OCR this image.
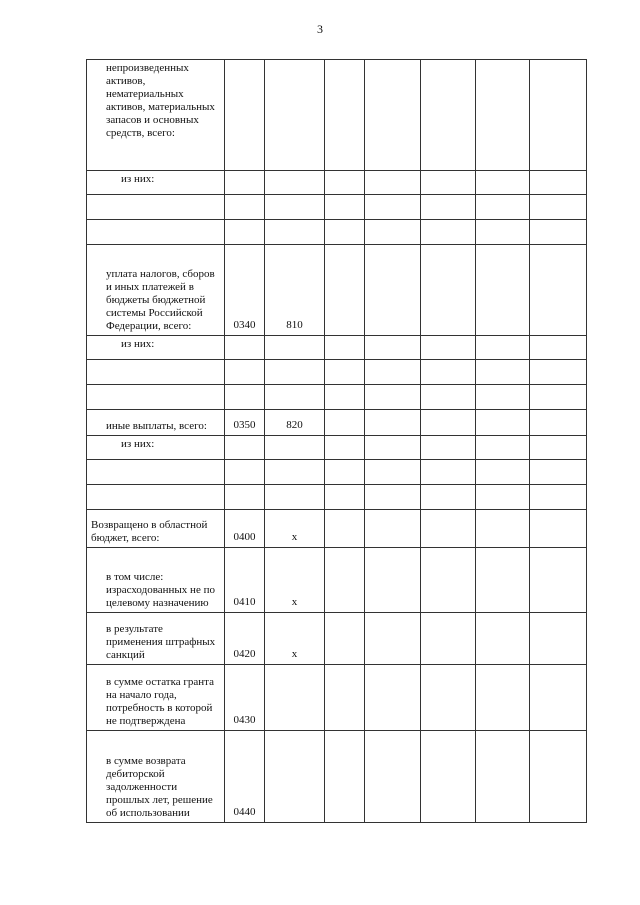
3
непроизведенных активов, нематериальных активов, материальных запасов и основных средств, всего:							
из них:							

уплата налогов, сборов и иных платежей в бюджеты бюджетной системы Российской Федерации, всего:	0340	810					
из них:							

иные выплаты, всего:	0350	820					
из них:							

Возвращено в областной бюджет, всего:	0400	x					
в том числе: израсходованных не по целевому назначению	0410	x					
в результате применения штрафных санкций	0420	x					
в сумме остатка гранта на начало года, потребность в которой не подтверждена	0430						
в сумме возврата дебиторской задолженности прошлых лет, решение об использовании	0440						
